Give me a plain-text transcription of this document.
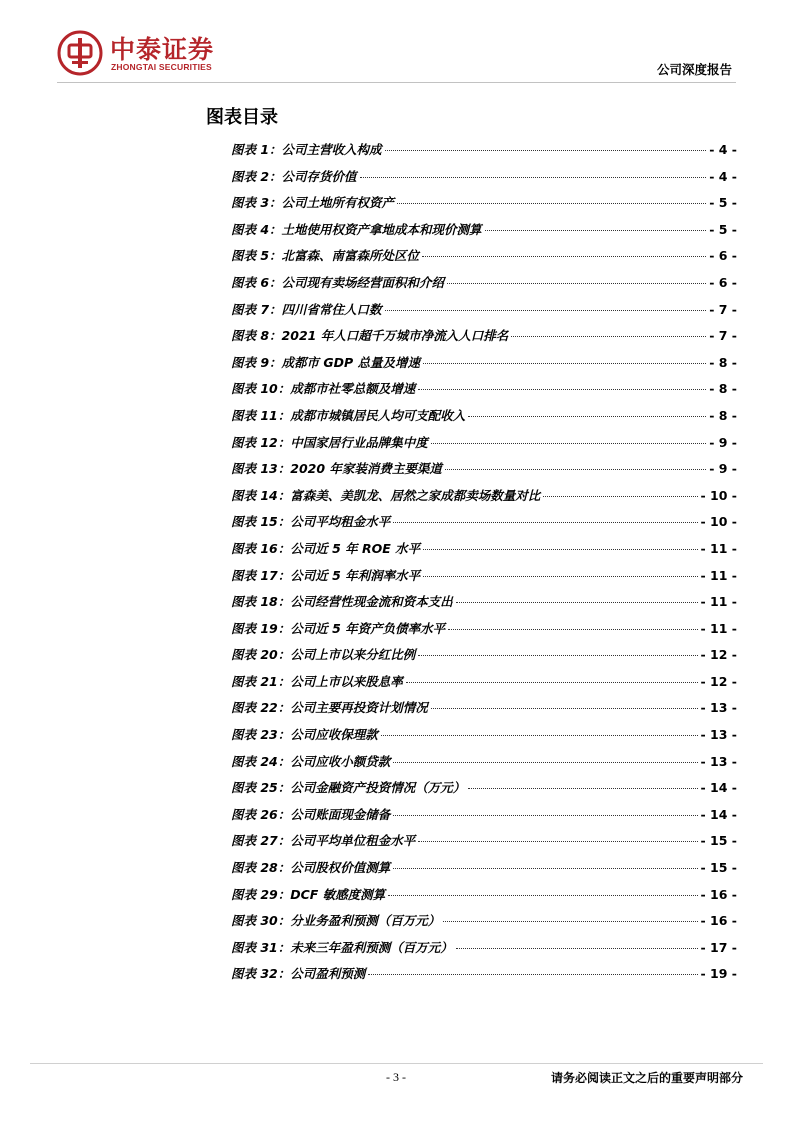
中泰证券
ZHONGTAI SECURITIES	公司深度报告
图表目录
图表 1：公司主营收入构成	- 4 -
图表 2：公司存货价值	- 4 -
图表 3：公司土地所有权资产	- 5 -
图表 4：土地使用权资产拿地成本和现价测算	- 5 -
图表 5：北富森、南富森所处区位	- 6 -
图表 6：公司现有卖场经营面积和介绍	- 6 -
图表 7：四川省常住人口数	- 7 -
图表 8：2021 年人口超千万城市净流入人口排名	- 7 -
图表 9：成都市 GDP 总量及增速	- 8 -
图表 10：成都市社零总额及增速	- 8 -
图表 11：成都市城镇居民人均可支配收入	- 8 -
图表 12：中国家居行业品牌集中度	- 9 -
图表 13：2020 年家装消费主要渠道	- 9 -
图表 14：富森美、美凯龙、居然之家成都卖场数量对比	- 10 -
图表 15：公司平均租金水平	- 10 -
图表 16：公司近 5 年 ROE 水平	- 11 -
图表 17：公司近 5 年利润率水平	- 11 -
图表 18：公司经营性现金流和资本支出	- 11 -
图表 19：公司近 5 年资产负债率水平	- 11 -
图表 20：公司上市以来分红比例	- 12 -
图表 21：公司上市以来股息率	- 12 -
图表 22：公司主要再投资计划情况	- 13 -
图表 23：公司应收保理款	- 13 -
图表 24：公司应收小额贷款	- 13 -
图表 25：公司金融资产投资情况（万元）	- 14 -
图表 26：公司账面现金储备	- 14 -
图表 27：公司平均单位租金水平	- 15 -
图表 28：公司股权价值测算	- 15 -
图表 29：DCF 敏感度测算	- 16 -
图表 30：分业务盈利预测（百万元）	- 16 -
图表 31：未来三年盈利预测（百万元）	- 17 -
图表 32：公司盈利预测	- 19 -
- 3 -	请务必阅读正文之后的重要声明部分
